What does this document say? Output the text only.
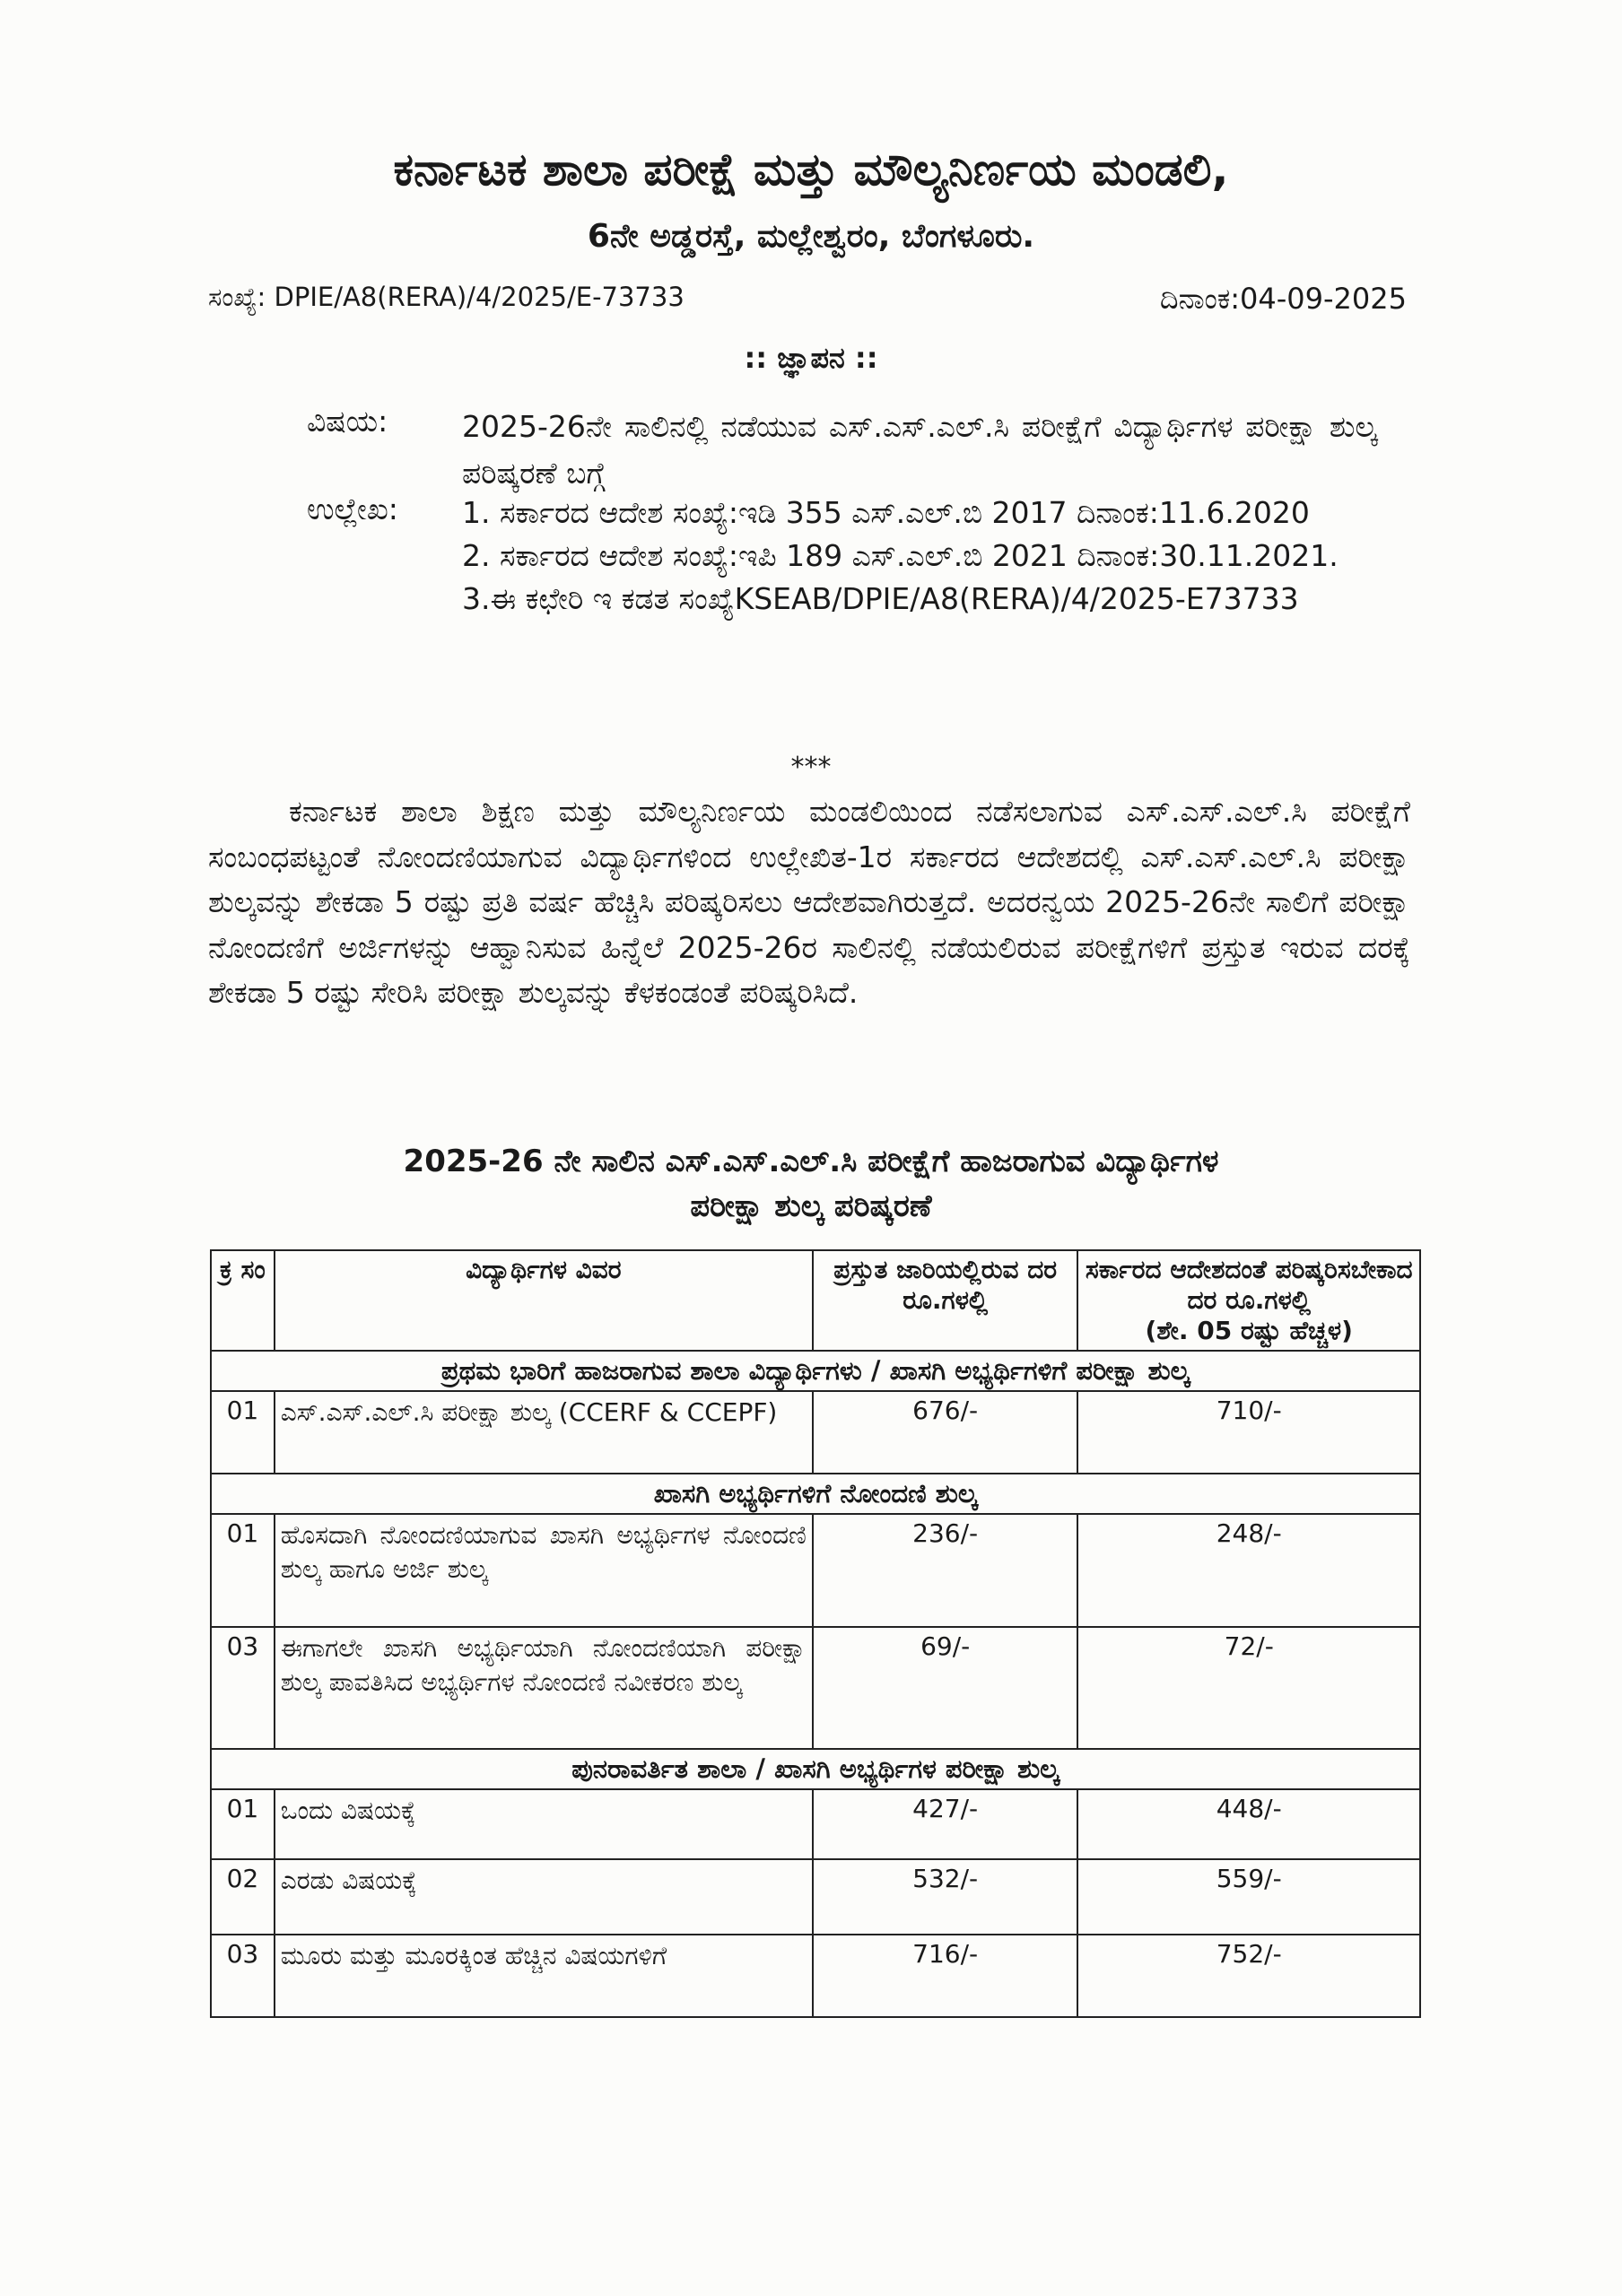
ಕರ್ನಾಟಕ ಶಾಲಾ ಪರೀಕ್ಷೆ ಮತ್ತು ಮೌಲ್ಯನಿರ್ಣಯ ಮಂಡಲಿ,
6ನೇ ಅಡ್ಡರಸ್ತೆ, ಮಲ್ಲೇಶ್ವರಂ, ಬೆಂಗಳೂರು.
ಸಂಖ್ಯೆ: DPIE/A8(RERA)/4/2025/E-73733	ದಿನಾಂಕ:04-09-2025
:: ಜ್ಞಾಪನ ::
ವಿಷಯ:	2025-26ನೇ ಸಾಲಿನಲ್ಲಿ ನಡೆಯುವ ಎಸ್.ಎಸ್.ಎಲ್.ಸಿ ಪರೀಕ್ಷೆಗೆ ವಿದ್ಯಾರ್ಥಿಗಳ ಪರೀಕ್ಷಾ ಶುಲ್ಕ ಪರಿಷ್ಕರಣೆ ಬಗ್ಗೆ
ಉಲ್ಲೇಖ: 1. ಸರ್ಕಾರದ ಆದೇಶ ಸಂಖ್ಯೆ:ಇಡಿ 355 ಎಸ್.ಎಲ್.ಬಿ 2017 ದಿನಾಂಕ:11.6.2020
2. ಸರ್ಕಾರದ ಆದೇಶ ಸಂಖ್ಯೆ:ಇಪಿ 189 ಎಸ್.ಎಲ್.ಬಿ 2021 ದಿನಾಂಕ:30.11.2021.
3.ಈ ಕಛೇರಿ ಇ ಕಡತ ಸಂಖ್ಯೆKSEAB/DPIE/A8(RERA)/4/2025-E73733
***
ಕರ್ನಾಟಕ ಶಾಲಾ ಶಿಕ್ಷಣ ಮತ್ತು ಮೌಲ್ಯನಿರ್ಣಯ ಮಂಡಲಿಯಿಂದ ನಡೆಸಲಾಗುವ ಎಸ್.ಎಸ್.ಎಲ್.ಸಿ ಪರೀಕ್ಷೆಗೆ ಸಂಬಂಧಪಟ್ಟಂತೆ ನೋಂದಣಿಯಾಗುವ ವಿದ್ಯಾರ್ಥಿಗಳಿಂದ ಉಲ್ಲೇಖಿತ-1ರ ಸರ್ಕಾರದ ಆದೇಶದಲ್ಲಿ ಎಸ್.ಎಸ್.ಎಲ್.ಸಿ ಪರೀಕ್ಷಾ ಶುಲ್ಕವನ್ನು ಶೇಕಡಾ 5 ರಷ್ಟು ಪ್ರತಿ ವರ್ಷ ಹೆಚ್ಚಿಸಿ ಪರಿಷ್ಕರಿಸಲು ಆದೇಶವಾಗಿರುತ್ತದೆ. ಅದರನ್ವಯ 2025-26ನೇ ಸಾಲಿಗೆ ಪರೀಕ್ಷಾ ನೋಂದಣಿಗೆ ಅರ್ಜಿಗಳನ್ನು ಆಹ್ವಾನಿಸುವ ಹಿನ್ನೆಲೆ 2025-26ರ ಸಾಲಿನಲ್ಲಿ ನಡೆಯಲಿರುವ ಪರೀಕ್ಷೆಗಳಿಗೆ ಪ್ರಸ್ತುತ ಇರುವ ದರಕ್ಕೆ ಶೇಕಡಾ 5 ರಷ್ಟು ಸೇರಿಸಿ ಪರೀಕ್ಷಾ ಶುಲ್ಕವನ್ನು ಕೆಳಕಂಡಂತೆ ಪರಿಷ್ಕರಿಸಿದೆ.
2025-26 ನೇ ಸಾಲಿನ ಎಸ್.ಎಸ್.ಎಲ್.ಸಿ ಪರೀಕ್ಷೆಗೆ ಹಾಜರಾಗುವ ವಿದ್ಯಾರ್ಥಿಗಳ
ಪರೀಕ್ಷಾ ಶುಲ್ಕ ಪರಿಷ್ಕರಣೆ
ಕ್ರ ಸಂ	ವಿದ್ಯಾರ್ಥಿಗಳ ವಿವರ	ಪ್ರಸ್ತುತ ಜಾರಿಯಲ್ಲಿರುವ ದರ ರೂ.ಗಳಲ್ಲಿ	ಸರ್ಕಾರದ ಆದೇಶದಂತೆ ಪರಿಷ್ಕರಿಸಬೇಕಾದ ದರ ರೂ.ಗಳಲ್ಲಿ
(ಶೇ. 05 ರಷ್ಟು ಹೆಚ್ಚಳ)

ಪ್ರಥಮ ಭಾರಿಗೆ ಹಾಜರಾಗುವ ಶಾಲಾ ವಿದ್ಯಾರ್ಥಿಗಳು / ಖಾಸಗಿ ಅಭ್ಯರ್ಥಿಗಳಿಗೆ ಪರೀಕ್ಷಾ ಶುಲ್ಕ			
01	ಎಸ್.ಎಸ್.ಎಲ್.ಸಿ ಪರೀಕ್ಷಾ ಶುಲ್ಕ (CCERF & CCEPF)	676/-	710/-
ಖಾಸಗಿ ಅಭ್ಯರ್ಥಿಗಳಿಗೆ ನೋಂದಣಿ ಶುಲ್ಕ			
01	ಹೊಸದಾಗಿ ನೋಂದಣಿಯಾಗುವ ಖಾಸಗಿ ಅಭ್ಯರ್ಥಿಗಳ ನೋಂದಣಿ ಶುಲ್ಕ ಹಾಗೂ ಅರ್ಜಿ ಶುಲ್ಕ	236/-	248/-
03	ಈಗಾಗಲೇ ಖಾಸಗಿ ಅಭ್ಯರ್ಥಿಯಾಗಿ ನೋಂದಣಿಯಾಗಿ ಪರೀಕ್ಷಾ ಶುಲ್ಕ ಪಾವತಿಸಿದ ಅಭ್ಯರ್ಥಿಗಳ ನೋಂದಣಿ ನವೀಕರಣ ಶುಲ್ಕ	69/-	72/-
ಪುನರಾವರ್ತಿತ ಶಾಲಾ / ಖಾಸಗಿ ಅಭ್ಯರ್ಥಿಗಳ ಪರೀಕ್ಷಾ ಶುಲ್ಕ			
01	ಒಂದು ವಿಷಯಕ್ಕೆ	427/-	448/-
02	ಎರಡು ವಿಷಯಕ್ಕೆ	532/-	559/-
03	ಮೂರು ಮತ್ತು ಮೂರಕ್ಕಿಂತ ಹೆಚ್ಚಿನ ವಿಷಯಗಳಿಗೆ	716/-	752/-
